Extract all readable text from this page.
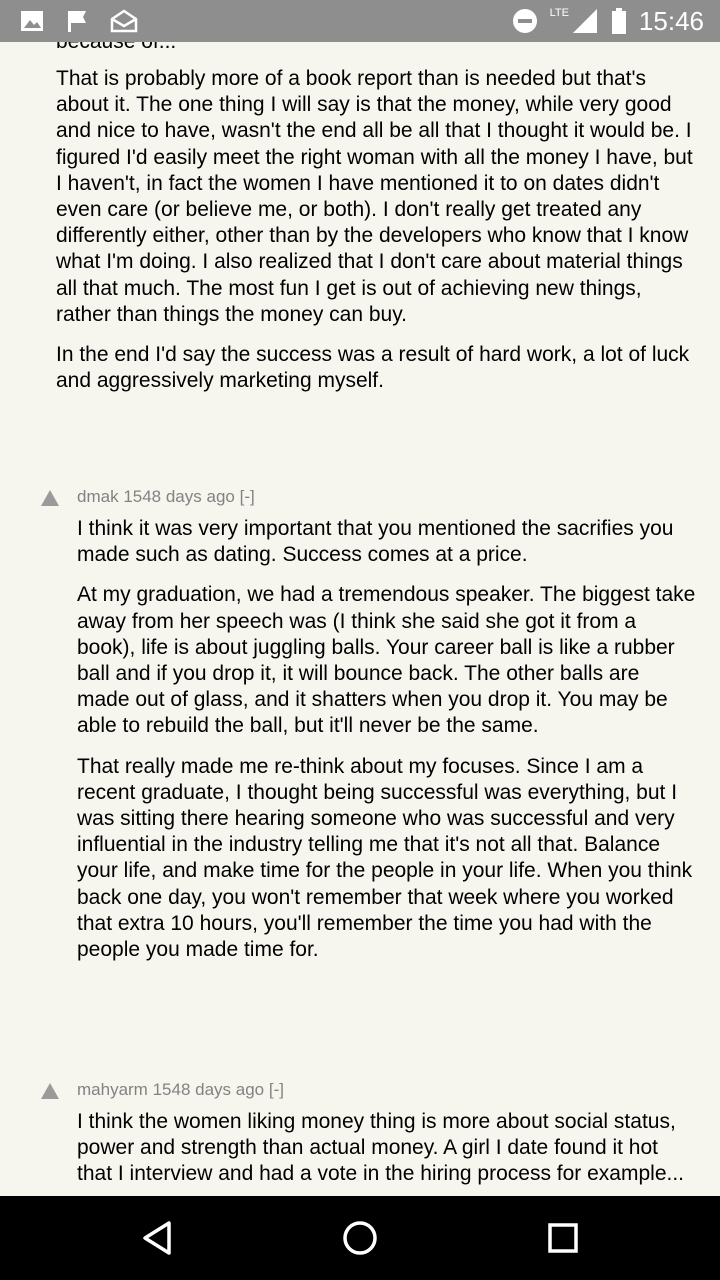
LTE	15:46

That is probably more of a book report than is needed but that's about it. The one thing I will say is that the money, while very good and nice to have, wasn't the end all be all that I thought it would be. I figured I'd easily meet the right woman with all the money I have, but I haven't, in fact the women I have mentioned it to on dates didn't even care (or believe me, or both). I don't really get treated any differently either, other than by the developers who know that I know what I'm doing. I also realized that I don't care about material things all that much. The most fun I get is out of achieving new things, rather than things the money can buy.

In the end I'd say the success was a result of hard work, a lot of luck and aggressively marketing myself.

dmak 1548 days ago [-]

I think it was very important that you mentioned the sacrifies you made such as dating. Success comes at a price.

At my graduation, we had a tremendous speaker. The biggest take away from her speech was (I think she said she got it from a book), life is about juggling balls. Your career ball is like a rubber ball and if you drop it, it will bounce back. The other balls are made out of glass, and it shatters when you drop it. You may be able to rebuild the ball, but it'll never be the same.

That really made me re-think about my focuses. Since I am a recent graduate, I thought being successful was everything, but I was sitting there hearing someone who was successful and very influential in the industry telling me that it's not all that. Balance your life, and make time for the people in your life. When you think back one day, you won't remember that week where you worked that extra 10 hours, you'll remember the time you had with the people you made time for.

mahyarm 1548 days ago [-]

I think the women liking money thing is more about social status, power and strength than actual money. A girl I date found it hot that I interview and had a vote in the hiring process for example...
